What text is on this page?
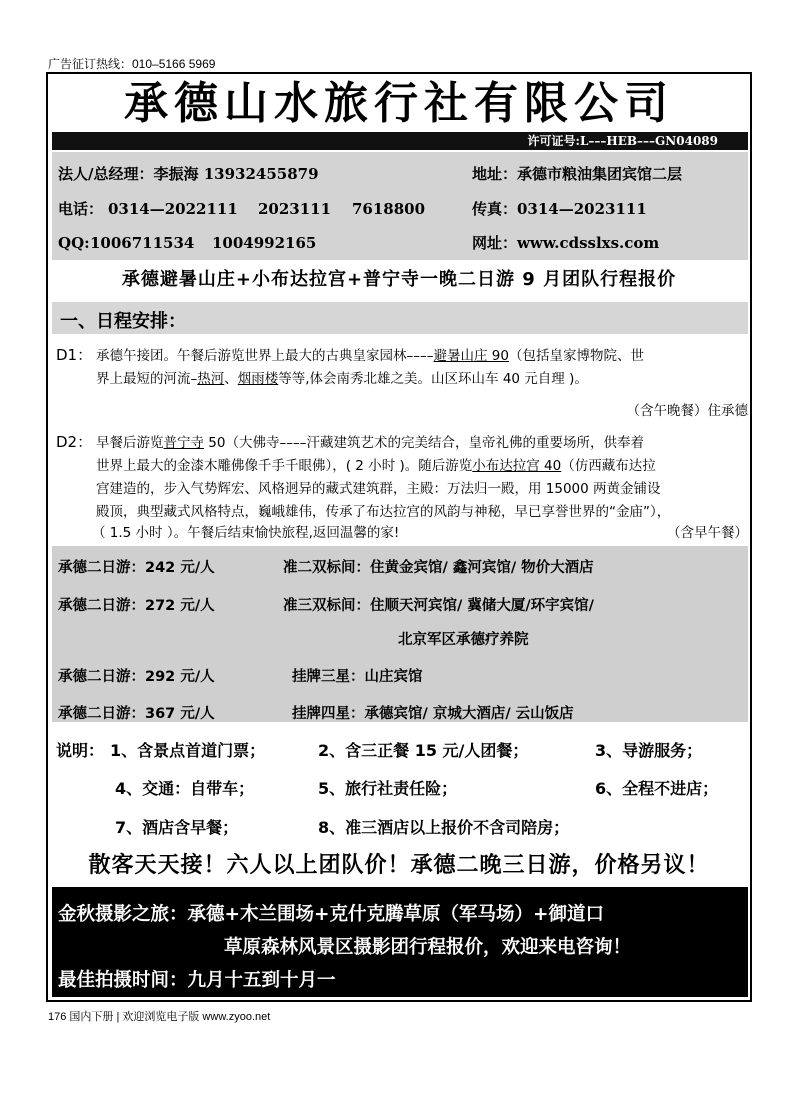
广告征订热线：010–5166 5969
承德山水旅行社有限公司
许可证号:L–––HEB–––GN04089
法人/总经理：李振海 13932455879	地址：承德市粮油集团宾馆二层
电话： 0314—2022111 2023111 7618800	传真：0314—2023111
QQ: 1006711534 1004992165	网址：www.cdsslxs.com
承德避暑山庄+小布达拉宫+普宁寺一晚二日游 9 月团队行程报价
一、日程安排：
D1： 承德午接团。午餐后游览世界上最大的古典皇家园林––––避暑山庄 90（包括皇家博物院、世
界上最短的河流–热河、烟雨楼等等,体会南秀北雄之美。山区环山车 40 元自理 )。
（含午晚餐）住承德
D2： 早餐后游览普宁寺 50（大佛寺––––汗藏建筑艺术的完美结合，皇帝礼佛的重要场所，供奉着
世界上最大的金漆木雕佛像千手千眼佛），( 2 小时 )。随后游览小布达拉宫 40（仿西藏布达拉
宫建造的，步入气势辉宏、风格迥异的藏式建筑群，主殿：万法归一殿，用 15000 两黄金铺设
殿顶，典型藏式风格特点，巍峨雄伟，传承了布达拉宫的风韵与神秘，早已享誉世界的“金庙”），
（ 1.5 小时 ）。午餐后结束愉快旅程,返回温馨的家!	（含早午餐）
承德二日游：242 元/人	准二双标间：住黄金宾馆/ 鑫河宾馆/ 物价大酒店
承德二日游：272 元/人	准三双标间：住顺天河宾馆/ 冀储大厦/环宇宾馆/
北京军区承德疗养院
承德二日游：292 元/人	挂牌三星：山庄宾馆
承德二日游：367 元/人	挂牌四星：承德宾馆/ 京城大酒店/ 云山饭店
说明： 1、含景点首道门票；	2、含三正餐 15 元/人团餐；	3、导游服务；
4、交通：自带车；	5、旅行社责任险；	6、全程不进店；
7、酒店含早餐；	8、准三酒店以上报价不含司陪房；
散客天天接！六人以上团队价！承德二晚三日游，价格另议！
金秋摄影之旅：承德+木兰围场+克什克腾草原（军马场）+御道口
草原森林风景区摄影团行程报价，欢迎来电咨询！
最佳拍摄时间：九月十五到十月一
176 国内下册 | 欢迎浏览电子版 www.zyoo.net
